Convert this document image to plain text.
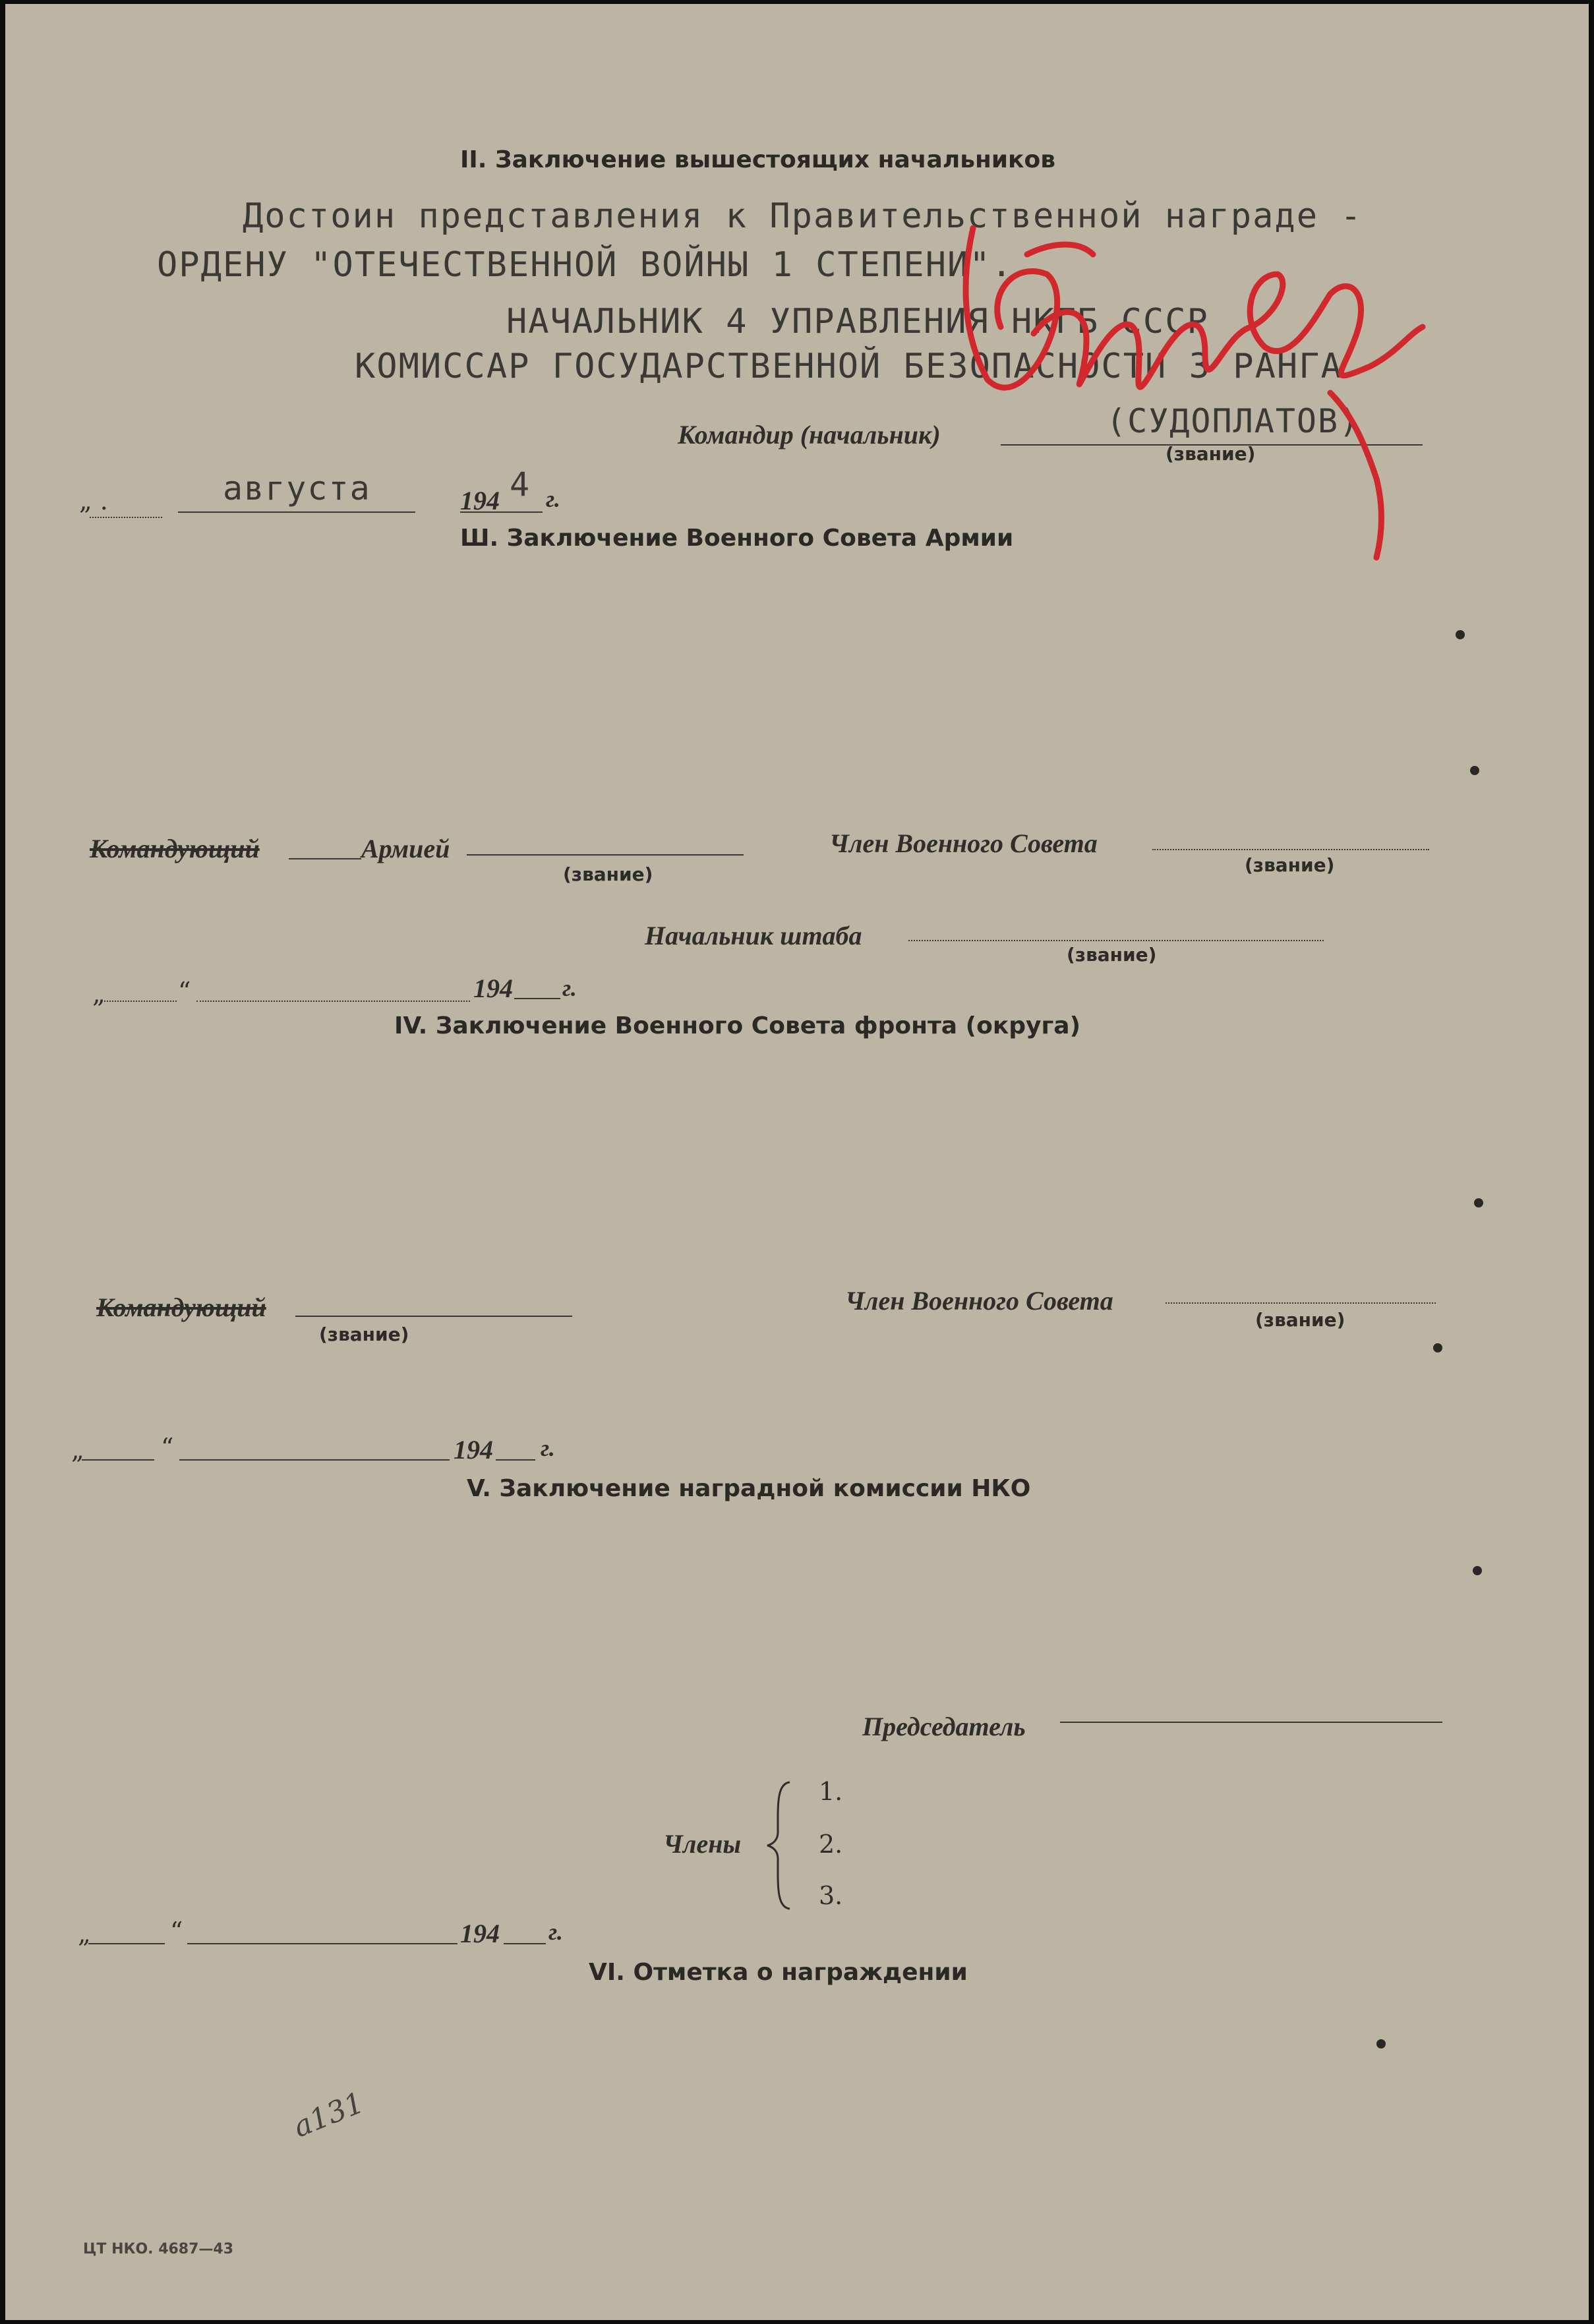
II. Заключение вышестоящих начальников
Достоин представления к Правительственной награде -
ОРДЕНУ "ОТЕЧЕСТВЕННОЙ ВОЙНЫ 1 СТЕПЕНИ".
НАЧАЛЬНИК 4 УПРАВЛЕНИЯ НКГБ СССР
КОМИССАР ГОСУДАРСТВЕННОЙ БЕЗОПАСНОСТИ 3 РАНГА
Командир (начальник)	(СУДОПЛАТОВ)
(звание)
„ .	августа	194 4 г.
Ш. Заключение Военного Совета Армии
Командующий	Армией
(звание)
Член Военного Совета
(звание)
Начальник штаба
(звание)
„	“	194 г.
IV. Заключение Военного Совета фронта (округа)
Командующий
(звание)
Член Военного Совета
(звание)
„	“	194 г.
V. Заключение наградной комиссии НКО
Председатель
Члены
1.
2.
3.
„	“	194 г.
VI. Отметка о награждении
a131
ЦТ НКО. 4687—43
